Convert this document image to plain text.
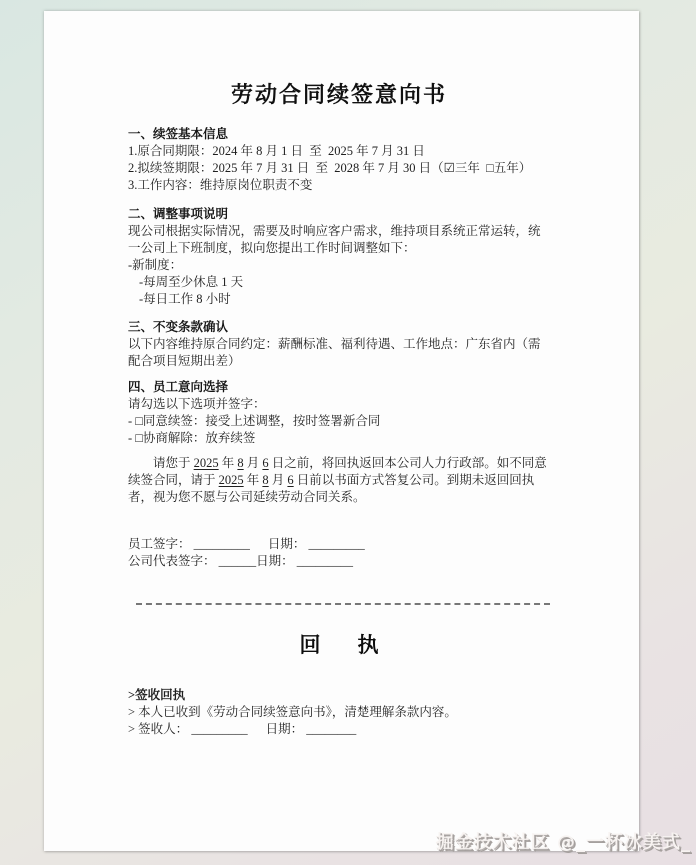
劳动合同续签意向书
一、续签基本信息
1.原合同期限：2024 年 8 月 1 日  至  2025 年 7 月 31 日
2.拟续签期限：2025 年 7 月 31 日  至  2028 年 7 月 30 日（☑三年  □五年）
3.工作内容：维持原岗位职责不变
二、调整事项说明
现公司根据实际情况，需要及时响应客户需求，维持项目系统正常运转，统一公司上下班制度，拟向您提出工作时间调整如下：
-新制度：
-每周至少休息 1 天
-每日工作 8 小时
三、不变条款确认
以下内容维持原合同约定：薪酬标准、福利待遇、工作地点：广东省内（需配合项目短期出差）
四、员工意向选择
请勾选以下选项并签字：
- □同意续签：接受上述调整，按时签署新合同
- □协商解除：放弃续签
请您于 2025 年 8 月 6 日之前，将回执返回本公司人力行政部。如不同意续签合同，请于 2025 年 8 月 6 日前以书面方式答复公司。到期未返回回执者，视为您不愿与公司延续劳动合同关系。
员工签字： _________ 日期： _________
公司代表签字： ______日期： _________
回 执
>签收回执
> 本人已收到《劳动合同续签意向书》，清楚理解条款内容。
> 签收人： _________ 日期： ________
掘金技术社区 @_一杯冰美式_
